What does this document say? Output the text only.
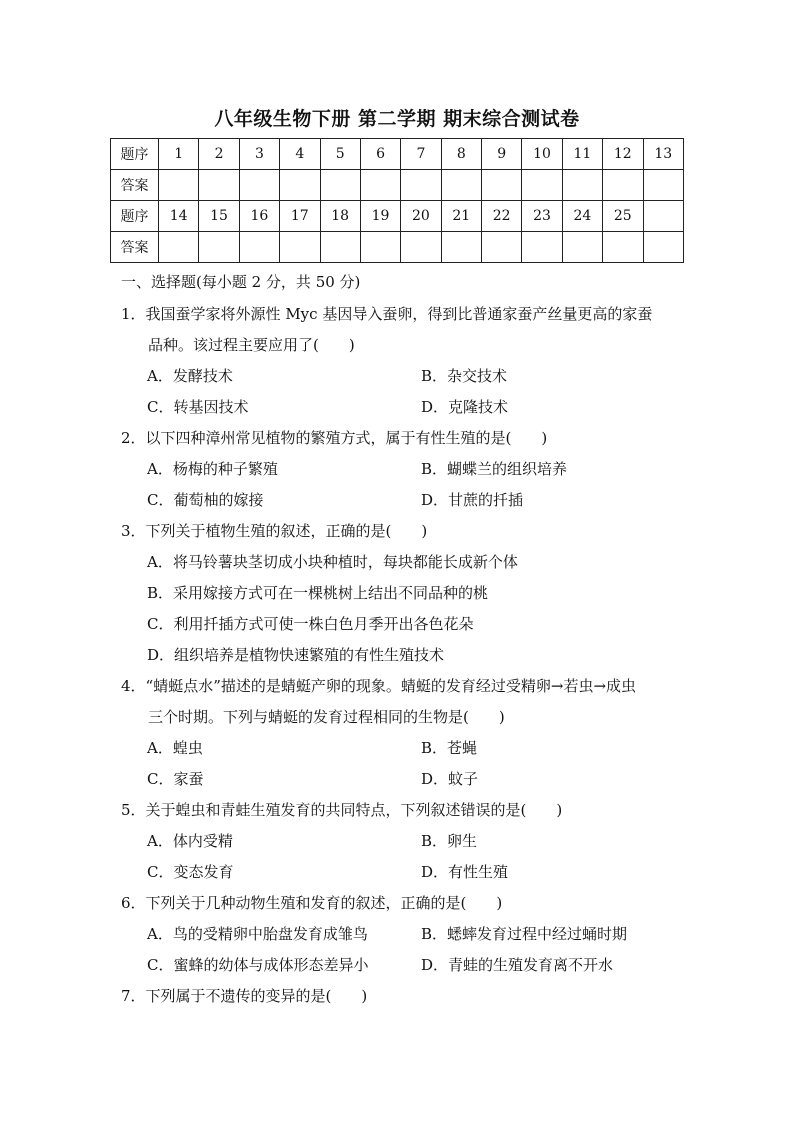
八年级生物下册 第二学期 期末综合测试卷
题序	1	2	3	4	5	6	7	8	9	10	11	12	13
答案													
题序	14	15	16	17	18	19	20	21	22	23	24	25	
答案													
一、选择题(每小题 2 分，共 50 分)
1．我国蚕学家将外源性 Myc 基因导入蚕卵，得到比普通家蚕产丝量更高的家蚕
品种。该过程主要应用了(　　)
A．发酵技术	B．杂交技术
C．转基因技术	D．克隆技术
2．以下四种漳州常见植物的繁殖方式，属于有性生殖的是(　　)
A．杨梅的种子繁殖	B．蝴蝶兰的组织培养
C．葡萄柚的嫁接	D．甘蔗的扦插
3．下列关于植物生殖的叙述，正确的是(　　)
A．将马铃薯块茎切成小块种植时，每块都能长成新个体
B．采用嫁接方式可在一棵桃树上结出不同品种的桃
C．利用扦插方式可使一株白色月季开出各色花朵
D．组织培养是植物快速繁殖的有性生殖技术
4．“蜻蜓点水”描述的是蜻蜓产卵的现象。蜻蜓的发育经过受精卵→若虫→成虫
三个时期。下列与蜻蜓的发育过程相同的生物是(　　)
A．蝗虫	B．苍蝇
C．家蚕	D．蚊子
5．关于蝗虫和青蛙生殖发育的共同特点，下列叙述错误的是(　　)
A．体内受精	B．卵生
C．变态发育	D．有性生殖
6．下列关于几种动物生殖和发育的叙述，正确的是(　　)
A．鸟的受精卵中胎盘发育成雏鸟	B．蟋蟀发育过程中经过蛹时期
C．蜜蜂的幼体与成体形态差异小	D．青蛙的生殖发育离不开水
7．下列属于不遗传的变异的是(　　)
